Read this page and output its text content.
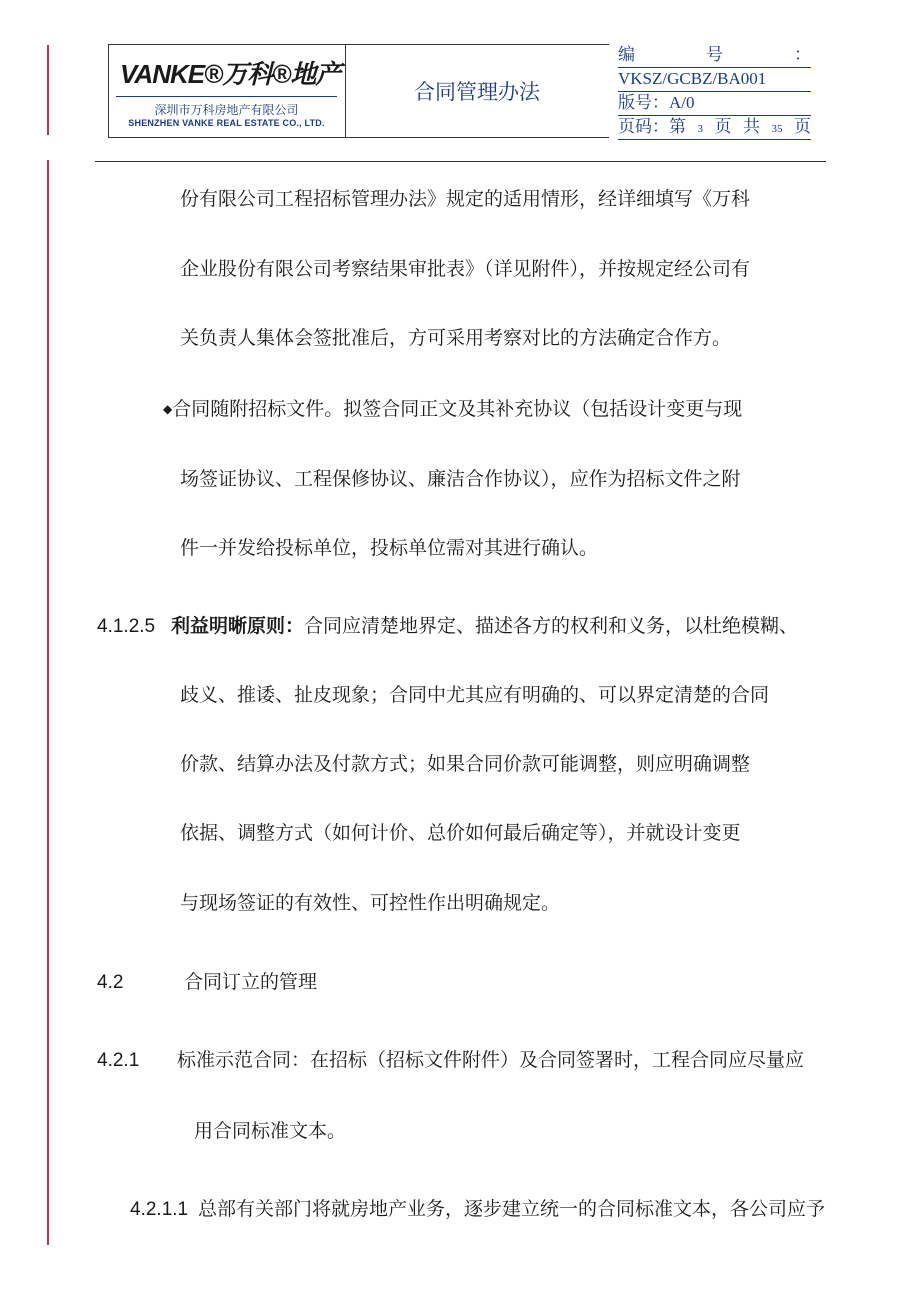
VANKE®万科®地产
深圳市万科房地产有限公司
SHENZHEN VANKE REAL ESTATE CO., LTD.
合同管理办法
编	号	：
VKSZ/GCBZ/BA001
版号：A/0
页码：第 3 页 共 35 页
份有限公司工程招标管理办法》规定的适用情形，经详细填写《万科
企业股份有限公司考察结果审批表》（详见附件），并按规定经公司有
关负责人集体会签批准后，方可采用考察对比的方法确定合作方。
◆合同随附招标文件。拟签合同正文及其补充协议（包括设计变更与现
场签证协议、工程保修协议、廉洁合作协议），应作为招标文件之附
件一并发给投标单位，投标单位需对其进行确认。
4.1.2.5 利益明晰原则：合同应清楚地界定、描述各方的权利和义务，以杜绝模糊、
歧义、推诿、扯皮现象；合同中尤其应有明确的、可以界定清楚的合同
价款、结算办法及付款方式；如果合同价款可能调整，则应明确调整
依据、调整方式（如何计价、总价如何最后确定等），并就设计变更
与现场签证的有效性、可控性作出明确规定。
4.2	合同订立的管理
4.2.1 标准示范合同：在招标（招标文件附件）及合同签署时，工程合同应尽量应
用合同标准文本。
4.2.1.1 总部有关部门将就房地产业务，逐步建立统一的合同标准文本，各公司应予
